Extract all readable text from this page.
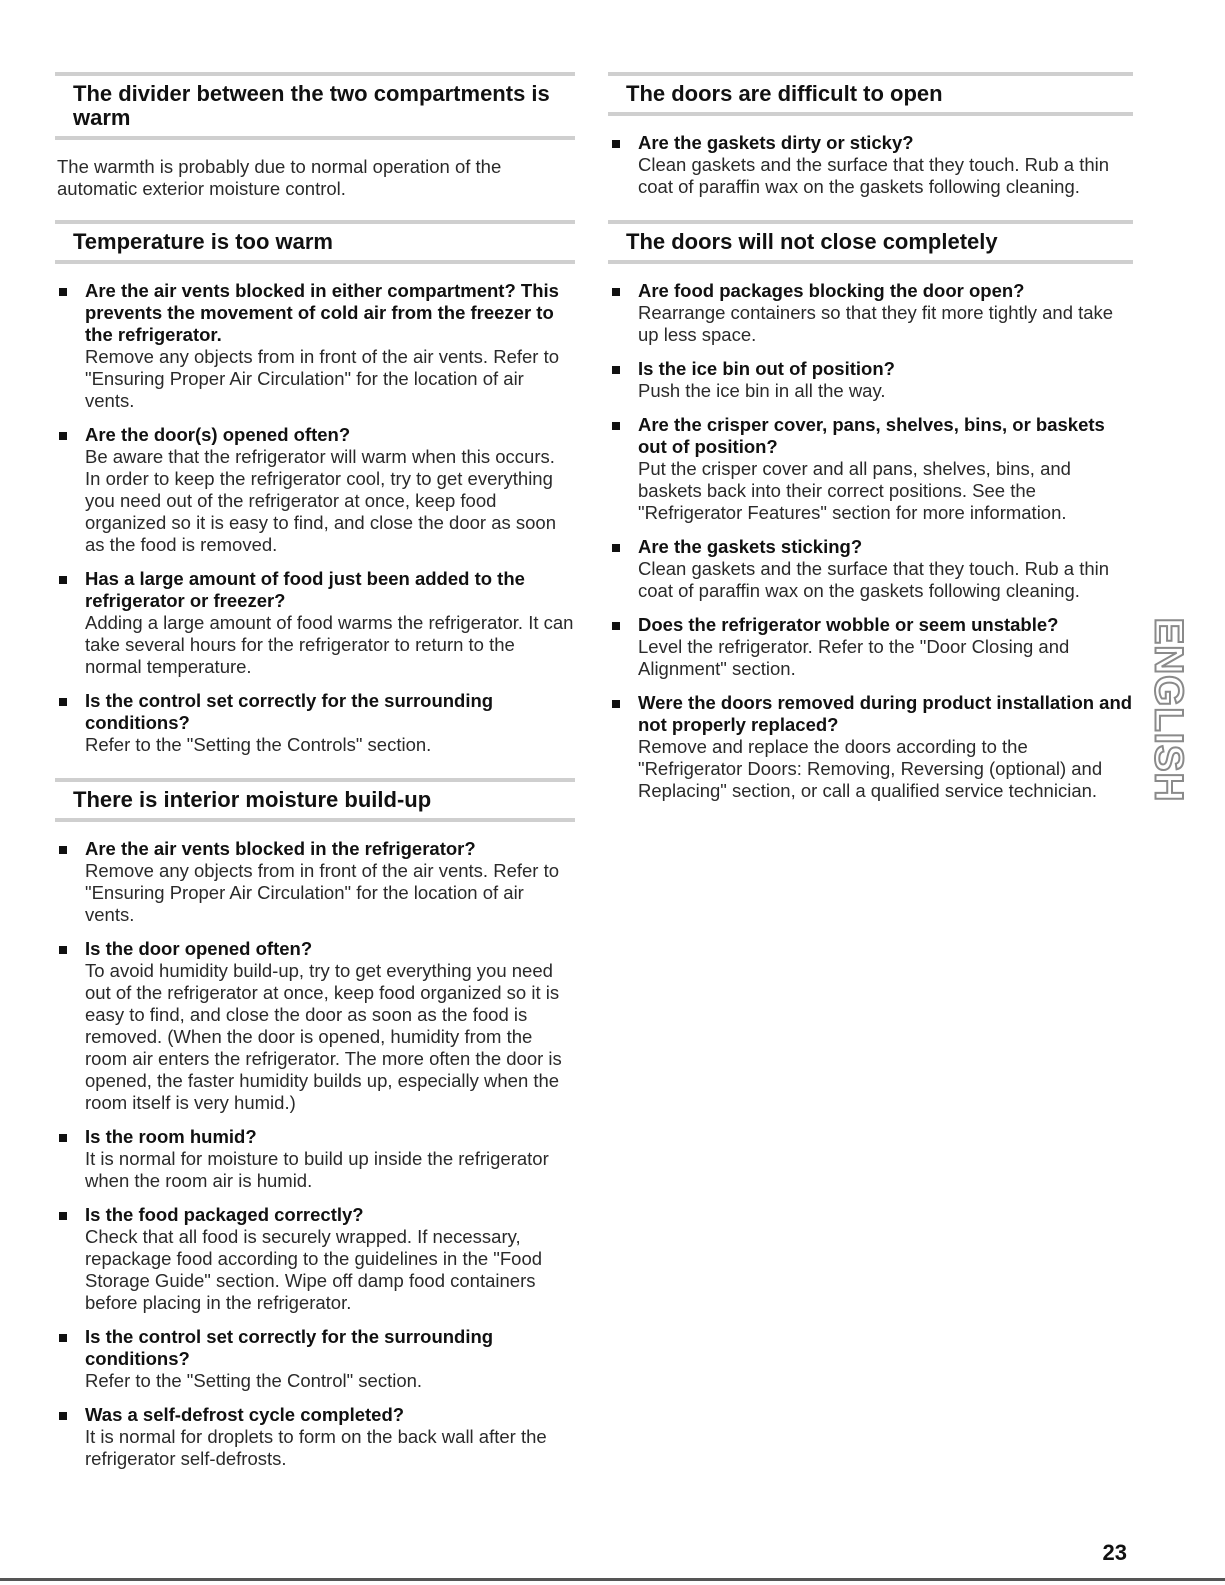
The divider between the two compartments is warm

The warmth is probably due to normal operation of the automatic exterior moisture control.

Temperature is too warm
Are the air vents blocked in either compartment? This prevents the movement of cold air from the freezer to the refrigerator.
Remove any objects from in front of the air vents. Refer to "Ensuring Proper Air Circulation" for the location of air vents.
Are the door(s) opened often?
Be aware that the refrigerator will warm when this occurs. In order to keep the refrigerator cool, try to get everything you need out of the refrigerator at once, keep food organized so it is easy to find, and close the door as soon as the food is removed.
Has a large amount of food just been added to the refrigerator or freezer?
Adding a large amount of food warms the refrigerator. It can take several hours for the refrigerator to return to the normal temperature.
Is the control set correctly for the surrounding conditions?
Refer to the "Setting the Controls" section.
There is interior moisture build-up
Are the air vents blocked in the refrigerator?
Remove any objects from in front of the air vents. Refer to "Ensuring Proper Air Circulation" for the location of air vents.
Is the door opened often?
To avoid humidity build-up, try to get everything you need out of the refrigerator at once, keep food organized so it is easy to find, and close the door as soon as the food is removed. (When the door is opened, humidity from the room air enters the refrigerator. The more often the door is opened, the faster humidity builds up, especially when the room itself is very humid.)
Is the room humid?
It is normal for moisture to build up inside the refrigerator when the room air is humid.
Is the food packaged correctly?
Check that all food is securely wrapped. If necessary, repackage food according to the guidelines in the "Food Storage Guide" section. Wipe off damp food containers before placing in the refrigerator.
Is the control set correctly for the surrounding conditions?
Refer to the "Setting the Control" section.
Was a self-defrost cycle completed?
It is normal for droplets to form on the back wall after the refrigerator self-defrosts.
The doors are difficult to open
Are the gaskets dirty or sticky?
Clean gaskets and the surface that they touch. Rub a thin coat of paraffin wax on the gaskets following cleaning.
The doors will not close completely
Are food packages blocking the door open?
Rearrange containers so that they fit more tightly and take up less space.
Is the ice bin out of position?
Push the ice bin in all the way.
Are the crisper cover, pans, shelves, bins, or baskets out of position?
Put the crisper cover and all pans, shelves, bins, and baskets back into their correct positions. See the "Refrigerator Features" section for more information.
Are the gaskets sticking?
Clean gaskets and the surface that they touch. Rub a thin coat of paraffin wax on the gaskets following cleaning.
Does the refrigerator wobble or seem unstable?
Level the refrigerator. Refer to the "Door Closing and Alignment" section.
Were the doors removed during product installation and not properly replaced?
Remove and replace the doors according to the "Refrigerator Doors: Removing, Reversing (optional) and Replacing" section, or call a qualified service technician.	ENGLISH
23
